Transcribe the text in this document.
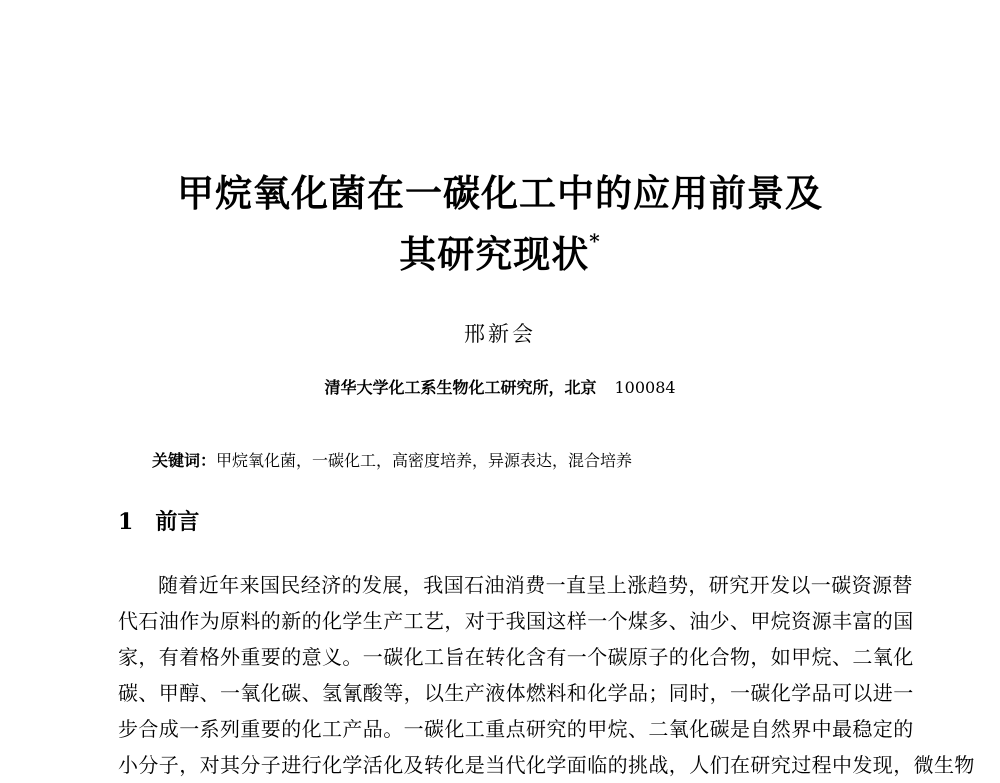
甲烷氧化菌在一碳化工中的应用前景及
其研究现状*
邢新会
清华大学化工系生物化工研究所，北京 100084
关键词：甲烷氧化菌，一碳化工，高密度培养，异源表达，混合培养
1 前言
随着近年来国民经济的发展，我国石油消费一直呈上涨趋势，研究开发以一碳资源替
代石油作为原料的新的化学生产工艺，对于我国这样一个煤多、油少、甲烷资源丰富的国
家，有着格外重要的意义。一碳化工旨在转化含有一个碳原子的化合物，如甲烷、二氧化
碳、甲醇、一氧化碳、氢氰酸等，以生产液体燃料和化学品；同时，一碳化学品可以进一
步合成一系列重要的化工产品。一碳化工重点研究的甲烷、二氧化碳是自然界中最稳定的
小分子，对其分子进行化学活化及转化是当代化学面临的挑战，人们在研究过程中发现，微生物
